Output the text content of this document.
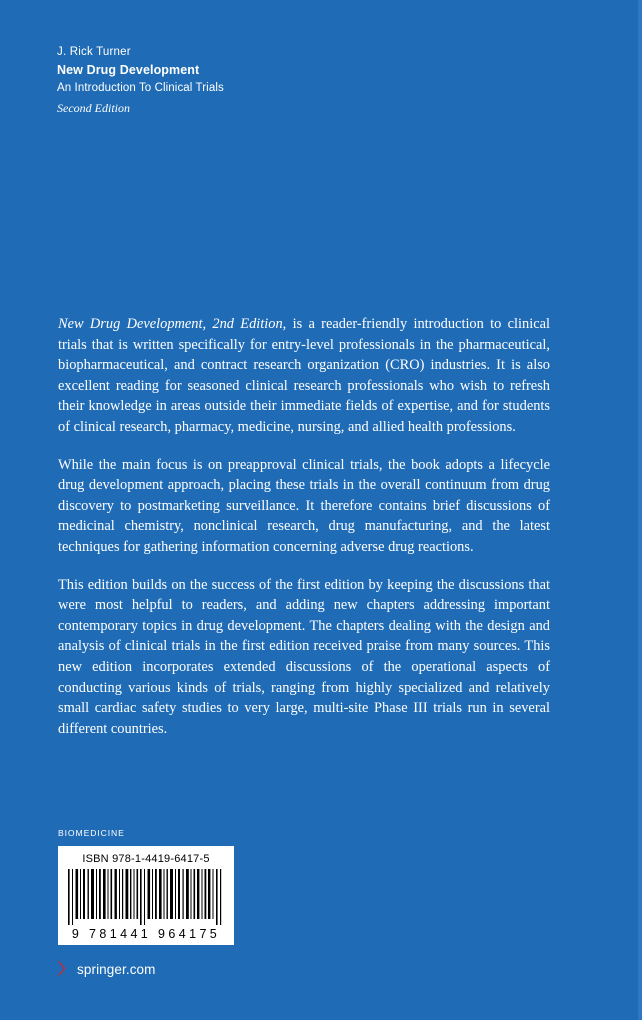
J. Rick Turner
New Drug Development
An Introduction To Clinical Trials
Second Edition

New Drug Development, 2nd Edition, is a reader-friendly introduction to clinical trials that is written specifically for entry-level professionals in the pharmaceutical, biopharmaceutical, and contract research organization (CRO) industries. It is also excellent reading for seasoned clinical research professionals who wish to refresh their knowledge in areas outside their immediate fields of expertise, and for students of clinical research, pharmacy, medicine, nursing, and allied health professions.

While the main focus is on preapproval clinical trials, the book adopts a lifecycle drug development approach, placing these trials in the overall continuum from drug discovery to postmarketing surveillance. It therefore contains brief discussions of medicinal chemistry, nonclinical research, drug manufacturing, and the latest techniques for gathering information concerning adverse drug reactions.

This edition builds on the success of the first edition by keeping the discussions that were most helpful to readers, and adding new chapters addressing important contemporary topics in drug development. The chapters dealing with the design and analysis of clinical trials in the first edition received praise from many sources. This new edition incorporates extended discussions of the operational aspects of conducting various kinds of trials, ranging from highly specialized and relatively small cardiac safety studies to very large, multi-site Phase III trials run in several different countries.

BIOMEDICINE
ISBN 978-1-4419-6417-5
9 781441 964175
〉 springer.com
